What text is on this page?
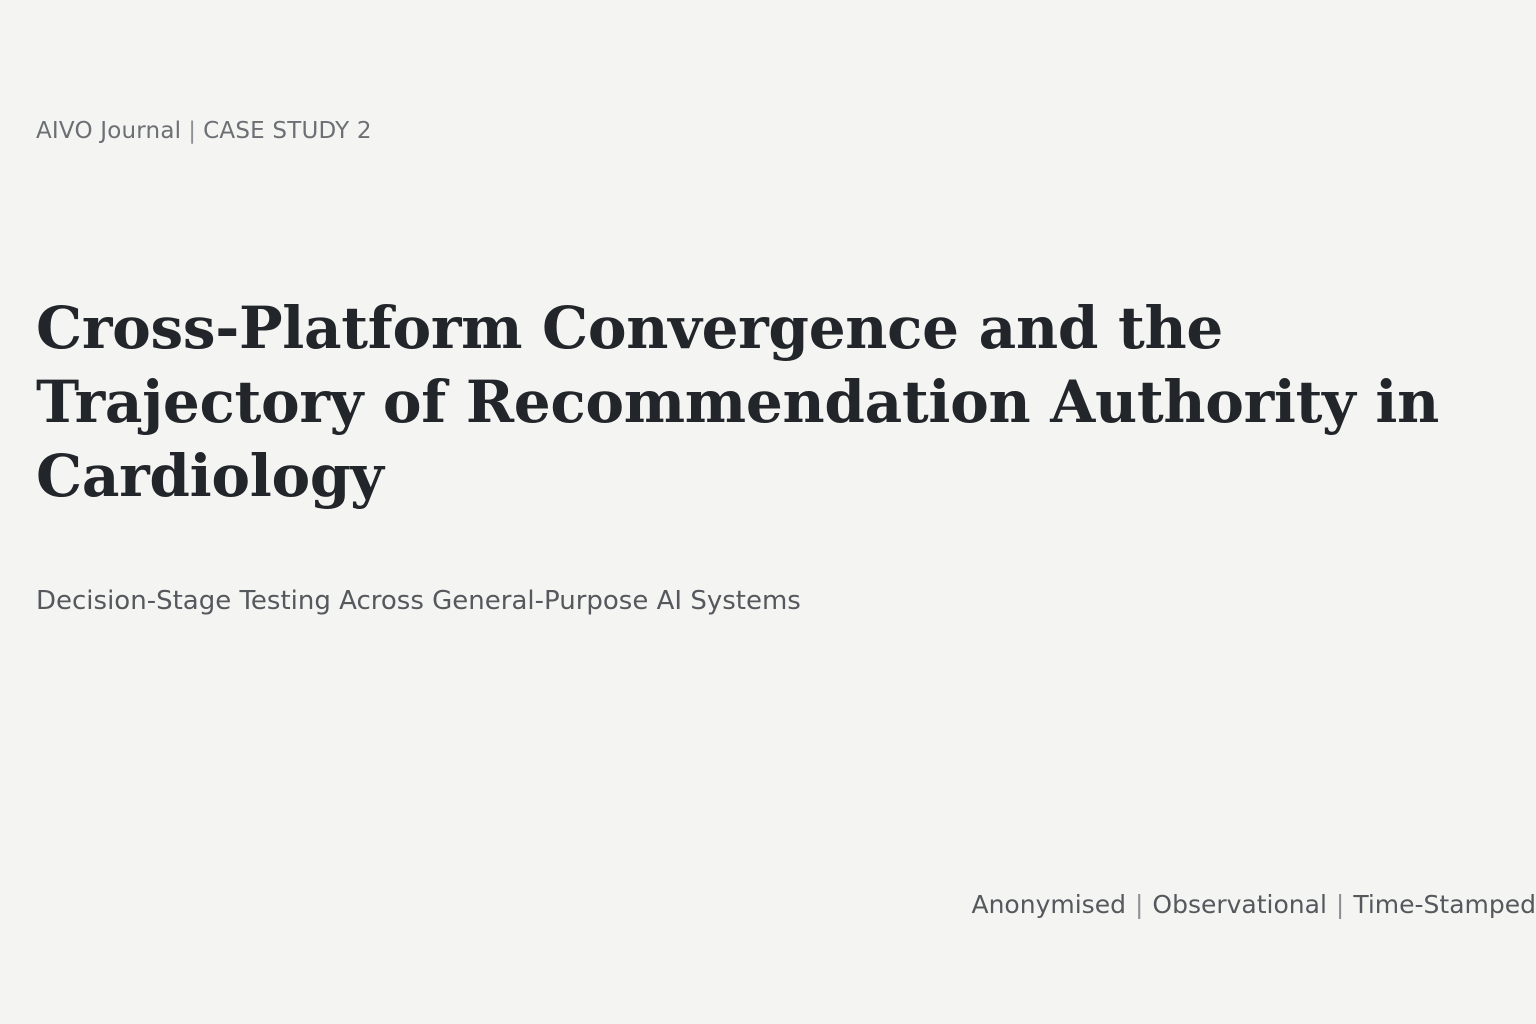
AIVO Journal | CASE STUDY 2
Cross-Platform Convergence and the Trajectory of Recommendation Authority in Cardiology
Decision-Stage Testing Across General-Purpose AI Systems
Anonymised | Observational | Time-Stamped
